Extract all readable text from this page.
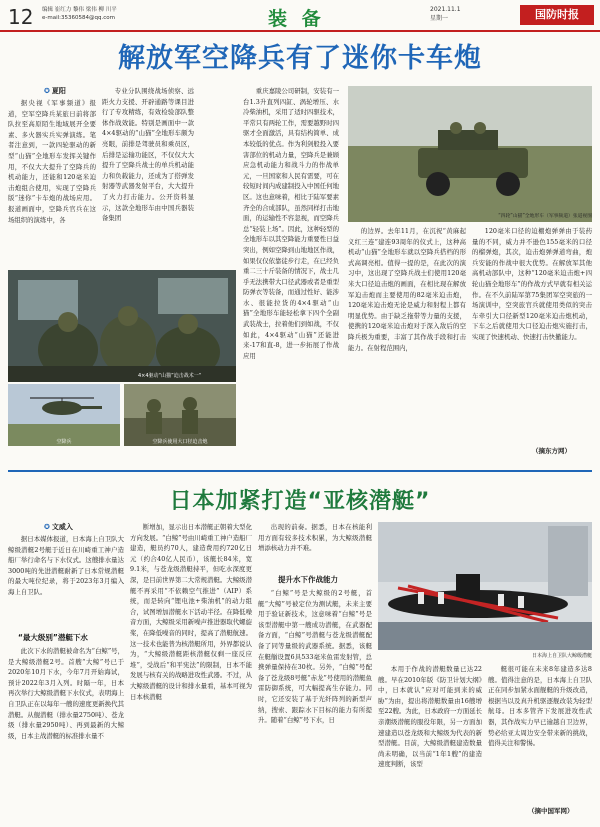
12 编辑 崔红力 黎伟 梁伟 柳 川平
e-mail:35360584@qq.com	装 备	2021.11.1
星期一	国防时报
解放军空降兵有了迷你卡车炮
✪ 夏阳
据央视《军事频道》报道，空军空降兵某旅日前将部队拉至高原陌生地域展开全要素、多火器实兵实弹演练。笔者注意到，一款四轮驱动的新型“山猫”全地形车发挥关键作用，不仅大大提升了空降兵的机动能力，还能和120毫米迫击炮组合使用，实现了空降兵版“迷你”卡车炮的战场应用。报道画面中，空降兵官兵在这场组织的演练中，各
4×4驱动“山猫”迫击战术一“
空降兵	空降兵使用大口径迫击炮
专业分队围绕战场侦察、远距火力支援、开辟通路等课目进行了专攻精练，有效检验部队整体作战效能。特别是画面中一款4×4驱动的“山猫”全地形车颇为亮眼，前排是驾驶员和乘员区，后排是运输功能区，不仅仅大大提升了空降兵战士的单兵机动能力和负载能力，还成为了搭弹发射器等武器发射平台，大大提升了火力打击能力。公开资料显示，这款全地形车由中国兵器装备集团
重庆嘉陵公司研制，安装有一台1.3升直列四缸、涡轮增压、水冷柴油机，采用了适时四驱技术，平常只有两轮工作，需要越野时四驱才全面激活，具有结构简单、成本较低的优点。作为利剑般投入要害部位的机动力量，空降兵是兼顾应急机动能力和战斗力的作战单元，一旦国家和人民有需要，可在较短时间内成建制投入中国任何地区。这也意味着，相比于陆军要素齐全的合成部队，虽然同样打击地面，的运输性不容忽视，而空降兵总“轻装上场”。因此，这种轻型的全地形车以其空降能力重要性日益突出，例如空降到山地地区作战，如果仅仅依靠徒步行走，在已经负重二三十斤装备的情况下，战士几乎无法携带大口径武器或者是重型防弹衣等装备，而通过性好、能涉水、很能拉货的4×4驱动“山猫”全地形车能轻松拿下四个全副武装战士，拉着他们到如战，不仅如此，4×4驱动“山猫”还能进来-17和直-8，进一步拓展了作战应用
“四轮”山猫”全地形车（军事频道）张道视图
的边界。去年11月，在沉祝“黄麻起义红三连”建连93周年的仪式上，这种高机动“山猫”全地形车就以空降兵搭档的形式高调亮相。值得一提的是，在此次的演习中，这出现了空降兵战士们使用120毫米大口径迫击炮的画面，在相比现在解放军迫击炮而主要使用的82毫米迫击炮，120毫米迫击炮无论是威力和射程上都有明显优势。由于缺乏拖带等力量的支援，使携的120毫米迫击炮对于深入敌后的空降兵极为重要，丰富了其作战手段和打击能力。在射程范围内，
120毫米口径的迫棚炮弹弹由于装药量的不同，威力并不逊色155毫米的口径的榴弹炮，其次，迫击炮弹弹道弯曲，炮兵安能的作战中很大优势。在解放军其他高机动部队中，这种“120毫米迫击炮+四轮山猫全地形车”的作战方式早就有相关运作。在不久前陆军第75集团军空突旅的一场演训中，空突旅官兵就使用类似的突击车牵引大口径新型120毫米迫击炮机动，下车之后就使用大口径迫击炮实施打击，实现了快速机动、快速打击快撤能力。
（摘东方网）
日本加紧打造“亚核潜艇”
✪ 文威入
据日本媒体报道，日本海上自卫队大鲸级潜艇2号艇于近日在川崎重工神户造船厂举行命名与下水仪式。这艘排水量达3000吨的先进潜艇耐新了日本常规潜艇的最大吨位纪录，将于2023年3月编入海上自卫队。
“最大级别”潜艇下水
此次下水的潜艇被命名为“白鲸”号，是大鲸级潜艇2号。首艘“大鲸”号已于2020年10月下水，今年7月开始海试，预计2022年3月入列。时隔一年，日本再次举行大鲸级潜艇下水仪式，表明海上自卫队正在以每年一艘的速度更新换代其潜艇。从舰潜艇（排水量2750吨）、苍龙级（排水量2950吨）、再到最新的大鲸级，日本主战潜艇的标准排水量不
断增加，显示出日本潜艇正朝着大型化方向发展。“白鲸”号由川崎重工神户造船厂建造，艇员约70人，建造费用约720亿日元（约合40亿人民币），该艇长84米，宽9.1米，与苍龙级潜艇持平，但吃水深度更深，是目前世界第二大常规潜艇。大鲸级潜艇不再采用“不依赖空气推进”（AIP）系统，而是转向“锂电池+柴油机”的动力组合，试图增加潜艇水下活动半径。在降低噪音方面，大鲸级采用新噪声推进器取代螺旋桨，在降低噪音的同时，提高了潜艇航速。这一技术也能普为核潜艇所用，外界都说认为，“大鲸级潜艇距核潜艇仅剩一座反应堆”，受战后“和平宪法”的限制，日本不能发展与核有关的战略进攻性武器。不过，从大鲸级潜艇的设计和排水量看，基本可视为日本核潜艇
出现的前奏。据悉，日本在核能利用方面有较多技术积累，为大鲸级潜艇增添核动力并不难。
提升水下作战能力
“白鲸”号是大鲸级的2号艇，首艇“大鲸”号被定位为测试艇，未来主要用于验证新技术，这意味着“白鲸”号是该型潜艇中第一艘成功潜艇，在武器配备方面，“白鲸”号潜艇与苍龙级潜艇配备了同等量级的武器系统。据悉，该艇在艇艏设置6具533毫米鱼雷发射管，总携弹量保持在30枚。另外，“白鲸”号配备了苍龙级8号艇“赤龙”号使用的潜艇鱼雷防御系统，可大幅提高生存能力。同时，它还安装了基于光纤阵列的新型声纳，搜索、跟踪水下目标的能力有所提升。随着“白鲸”号下水，日
日本海上自卫队大鲸级潜艇
本用于作战的潜艇数量已达22艘。早在2010年版《防卫计划大纲》中，日本就认“应对可能到来的威胁”为由，提出将潜艇数量由16艘增至22艘。为此，日本政府一方面延长亲潮级潜艇的服役年限，另一方面加速建造以苍龙级和大鲸级为代表的新型潜艇。目前，大鲸级潜艇建造数量尚未明确，以当前“1年1艘”的建造速度判断，该型
艇很可能在未来8年建造多达8艘。值得注意的是，日本海上自卫队正在同步加紧水面舰艇的升级改造，根据当以及真升机驱逐舰改装为轻型航母。日本多管齐下发展进攻性武器，其作战实力早已逾越自卫边界，势必给亚太周边安全带来新的挑战，值得关注和警惕。
（摘中国军网）
